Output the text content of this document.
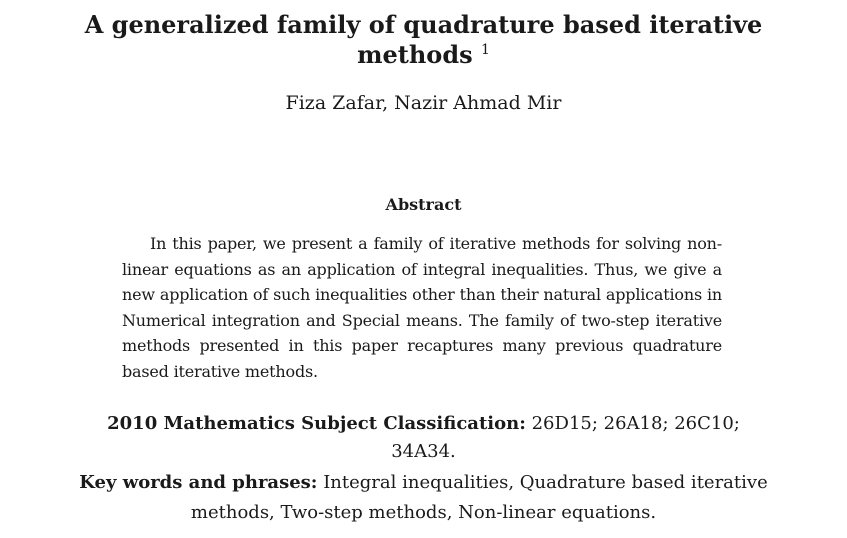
A generalized family of quadrature based iterative methods $^1$

Fiza Zafar, Nazir Ahmad Mir

Abstract

In this paper, we present a family of iterative methods for solving non-linear equations as an application of integral inequalities. Thus, we give a new application of such inequalities other than their natural applications in Numerical integration and Special means. The family of two-step iterative methods presented in this paper recaptures many previous quadrature based iterative methods.

2010 Mathematics Subject Classification: 26D15; 26A18; 26C10; 34A34.

Key words and phrases: Integral inequalities, Quadrature based iterative methods, Two-step methods, Non-linear equations.
